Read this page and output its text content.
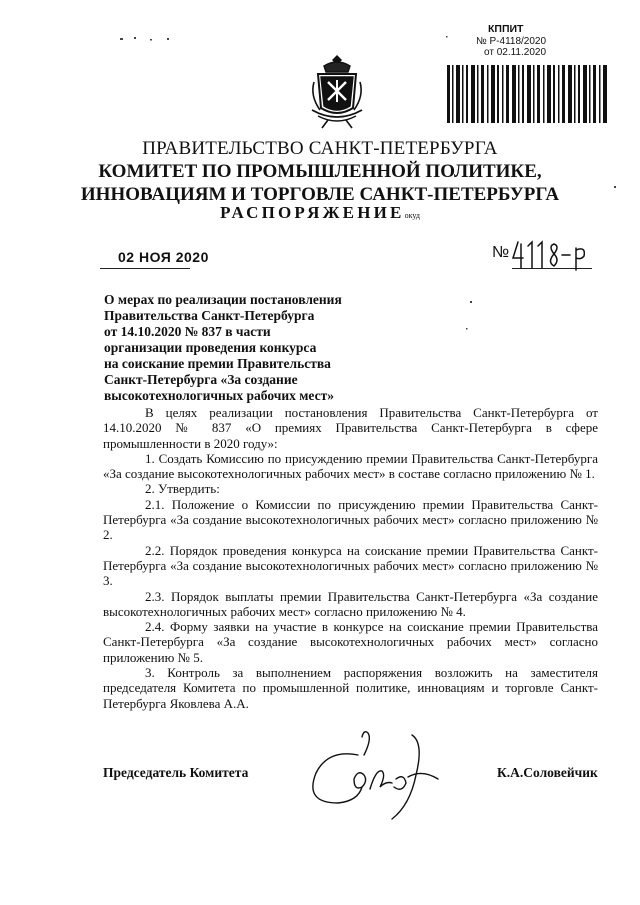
КППИТ
№ Р-4118/2020
от 02.11.2020
ПРАВИТЕЛЬСТВО САНКТ-ПЕТЕРБУРГА
КОМИТЕТ ПО ПРОМЫШЛЕННОЙ ПОЛИТИКЕ,
ИННОВАЦИЯМ И ТОРГОВЛЕ САНКТ-ПЕТЕРБУРГА
РАСПОРЯЖЕНИЕокуд
02 НОЯ 2020	№
О мерах по реализации постановления
Правительства Санкт-Петербурга
от 14.10.2020 № 837 в части
организации проведения конкурса
на соискание премии Правительства
Санкт-Петербурга «За создание
высокотехнологичных рабочих мест»
В целях реализации постановления Правительства Санкт-Петербурга от 14.10.2020 № 837 «О премиях Правительства Санкт-Петербурга в сфере промышленности в 2020 году»:
1. Создать Комиссию по присуждению премии Правительства Санкт-Петербурга «За создание высокотехнологичных рабочих мест» в составе согласно приложению № 1.
2. Утвердить:
2.1. Положение о Комиссии по присуждению премии Правительства Санкт-Петербурга «За создание высокотехнологичных рабочих мест» согласно приложению № 2.
2.2. Порядок проведения конкурса на соискание премии Правительства Санкт-Петербурга «За создание высокотехнологичных рабочих мест» согласно приложению № 3.
2.3. Порядок выплаты премии Правительства Санкт-Петербурга «За создание высокотехнологичных рабочих мест» согласно приложению № 4.
2.4. Форму заявки на участие в конкурсе на соискание премии Правительства Санкт-Петербурга «За создание высокотехнологичных рабочих мест» согласно приложению № 5.
3. Контроль за выполнением распоряжения возложить на заместителя председателя Комитета по промышленной политике, инновациям и торговле Санкт-Петербурга Яковлева А.А.
Председатель Комитета	К.А.Соловейчик
